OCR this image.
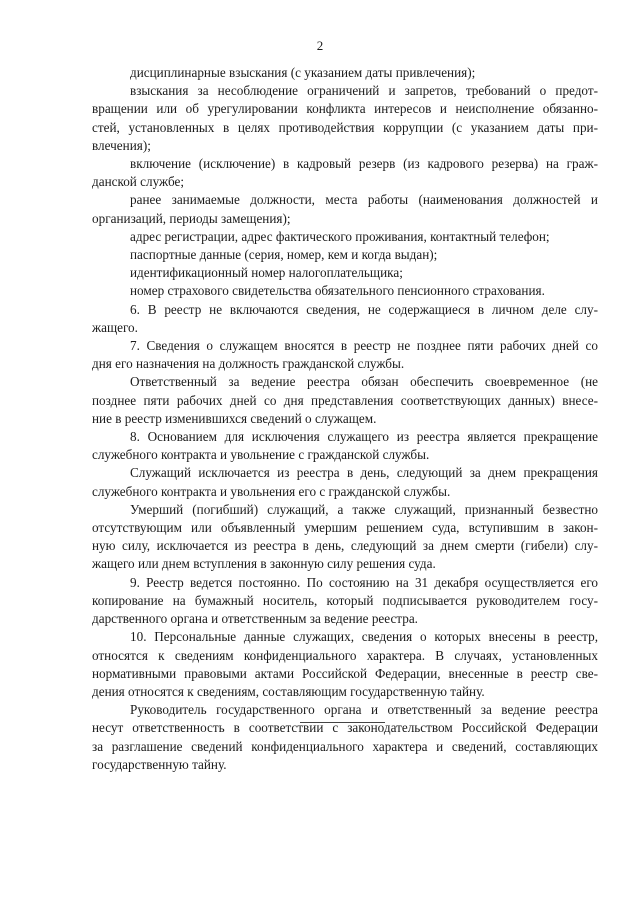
2
дисциплинарные взыскания (с указанием даты привлечения);
взыскания за несоблюдение ограничений и запретов, требований о предот-
вращении или об урегулировании конфликта интересов и неисполнение обязанно-
стей, установленных в целях противодействия коррупции (с указанием даты при-
влечения);
включение (исключение) в кадровый резерв (из кадрового резерва) на граж-
данской службе;
ранее занимаемые должности, места работы (наименования должностей и
организаций, периоды замещения);
адрес регистрации, адрес фактического проживания, контактный телефон;
паспортные данные (серия, номер, кем и когда выдан);
идентификационный номер налогоплательщика;
номер страхового свидетельства обязательного пенсионного страхования.
6. В реестр не включаются сведения, не содержащиеся в личном деле слу-
жащего.
7. Сведения о служащем вносятся в реестр не позднее пяти рабочих дней со
дня его назначения на должность гражданской службы.
Ответственный за ведение реестра обязан обеспечить своевременное (не
позднее пяти рабочих дней со дня представления соответствующих данных) внесе-
ние в реестр изменившихся сведений о служащем.
8. Основанием для исключения служащего из реестра является прекращение
служебного контракта и увольнение с гражданской службы.
Служащий исключается из реестра в день, следующий за днем прекращения
служебного контракта и увольнения его с гражданской службы.
Умерший (погибший) служащий, а также служащий, признанный безвестно
отсутствующим или объявленный умершим решением суда, вступившим в закон-
ную силу, исключается из реестра в день, следующий за днем смерти (гибели) слу-
жащего или днем вступления в законную силу решения суда.
9. Реестр ведется постоянно. По состоянию на 31 декабря осуществляется его
копирование на бумажный носитель, который подписывается руководителем госу-
дарственного органа и ответственным за ведение реестра.
10. Персональные данные служащих, сведения о которых внесены в реестр,
относятся к сведениям конфиденциального характера. В случаях, установленных
нормативными правовыми актами Российской Федерации, внесенные в реестр све-
дения относятся к сведениям, составляющим государственную тайну.
Руководитель государственного органа и ответственный за ведение реестра
несут ответственность в соответствии с законодательством Российской Федерации
за разглашение сведений конфиденциального характера и сведений, составляющих
государственную тайну.
